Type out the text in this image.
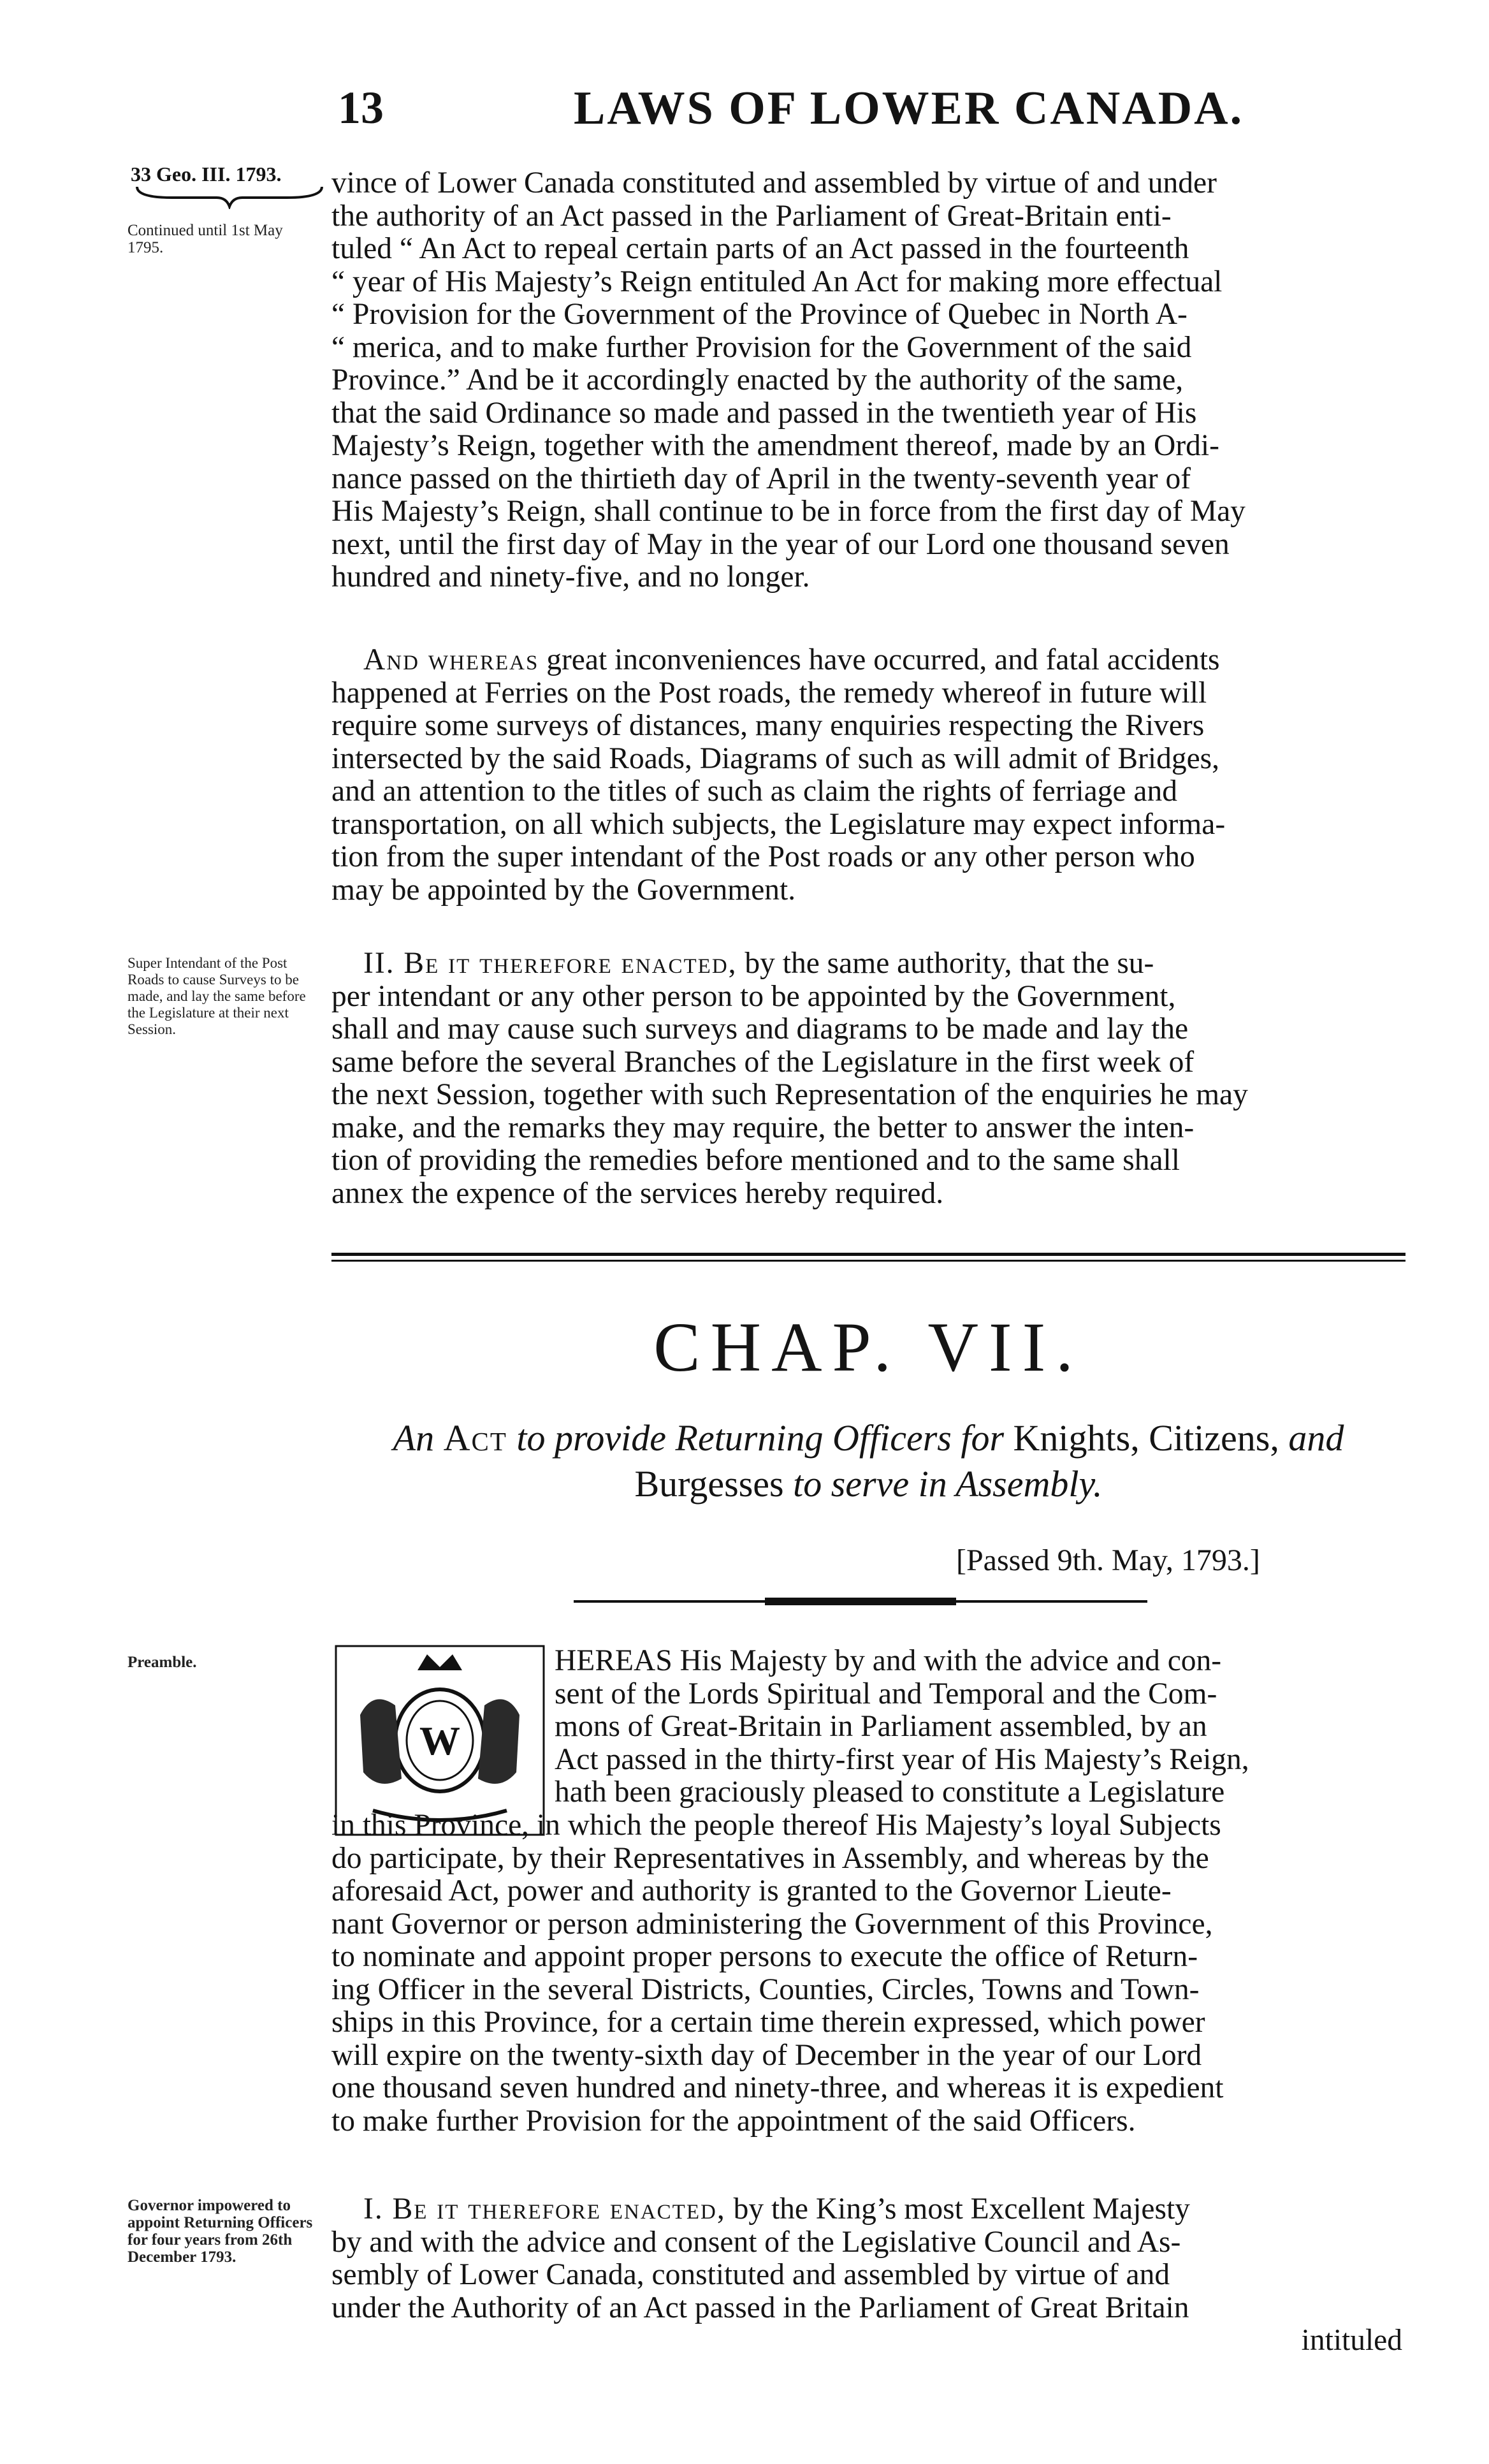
13	LAWS OF LOWER CANADA.
33 Geo. III. 1793.
Continued until 1st May 1795.
Super Intendant of the Post Roads to cause Surveys to be made, and lay the same before the Legislature at their next Session.
Preamble.
Governor impowered to appoint Returning Officers for four years from 26th December 1793.
vince of Lower Canada constituted and assembled by virtue of and under
the authority of an Act passed in the Parliament of Great-Britain enti-
tuled “ An Act to repeal certain parts of an Act passed in the fourteenth
“ year of His Majesty’s Reign entituled An Act for making more effectual
“ Provision for the Government of the Province of Quebec in North A-
“ merica, and to make further Provision for the Government of the said
Province.” And be it accordingly enacted by the authority of the same,
that the said Ordinance so made and passed in the twentieth year of His
Majesty’s Reign, together with the amendment thereof, made by an Ordi-
nance passed on the thirtieth day of April in the twenty-seventh year of
His Majesty’s Reign, shall continue to be in force from the first day of May
next, until the first day of May in the year of our Lord one thousand seven
hundred and ninety-five, and no longer.
And whereas great inconveniences have occurred, and fatal accidents
happened at Ferries on the Post roads, the remedy whereof in future will
require some surveys of distances, many enquiries respecting the Rivers
intersected by the said Roads, Diagrams of such as will admit of Bridges,
and an attention to the titles of such as claim the rights of ferriage and
transportation, on all which subjects, the Legislature may expect informa-
tion from the super intendant of the Post roads or any other person who
may be appointed by the Government.
II. Be it therefore enacted, by the same authority, that the su-
per intendant or any other person to be appointed by the Government,
shall and may cause such surveys and diagrams to be made and lay the
same before the several Branches of the Legislature in the first week of
the next Session, together with such Representation of the enquiries he may
make, and the remarks they may require, the better to answer the inten-
tion of providing the remedies before mentioned and to the same shall
annex the expence of the services hereby required.
CHAP. VII.
An Act to provide Returning Officers for Knights, Citizens, and
Burgesses to serve in Assembly.
[Passed 9th. May, 1793.]
W
HEREAS His Majesty by and with the advice and con-
sent of the Lords Spiritual and Temporal and the Com-
mons of Great-Britain in Parliament assembled, by an
Act passed in the thirty-first year of His Majesty’s Reign,
hath been graciously pleased to constitute a Legislature
in this Province, in which the people thereof His Majesty’s loyal Subjects
do participate, by their Representatives in Assembly, and whereas by the
aforesaid Act, power and authority is granted to the Governor Lieute-
nant Governor or person administering the Government of this Province,
to nominate and appoint proper persons to execute the office of Return-
ing Officer in the several Districts, Counties, Circles, Towns and Town-
ships in this Province, for a certain time therein expressed, which power
will expire on the twenty-sixth day of December in the year of our Lord
one thousand seven hundred and ninety-three, and whereas it is expedient
to make further Provision for the appointment of the said Officers.
I. Be it therefore enacted, by the King’s most Excellent Majesty
by and with the advice and consent of the Legislative Council and As-
sembly of Lower Canada, constituted and assembled by virtue of and
under the Authority of an Act passed in the Parliament of Great Britain
intituled
